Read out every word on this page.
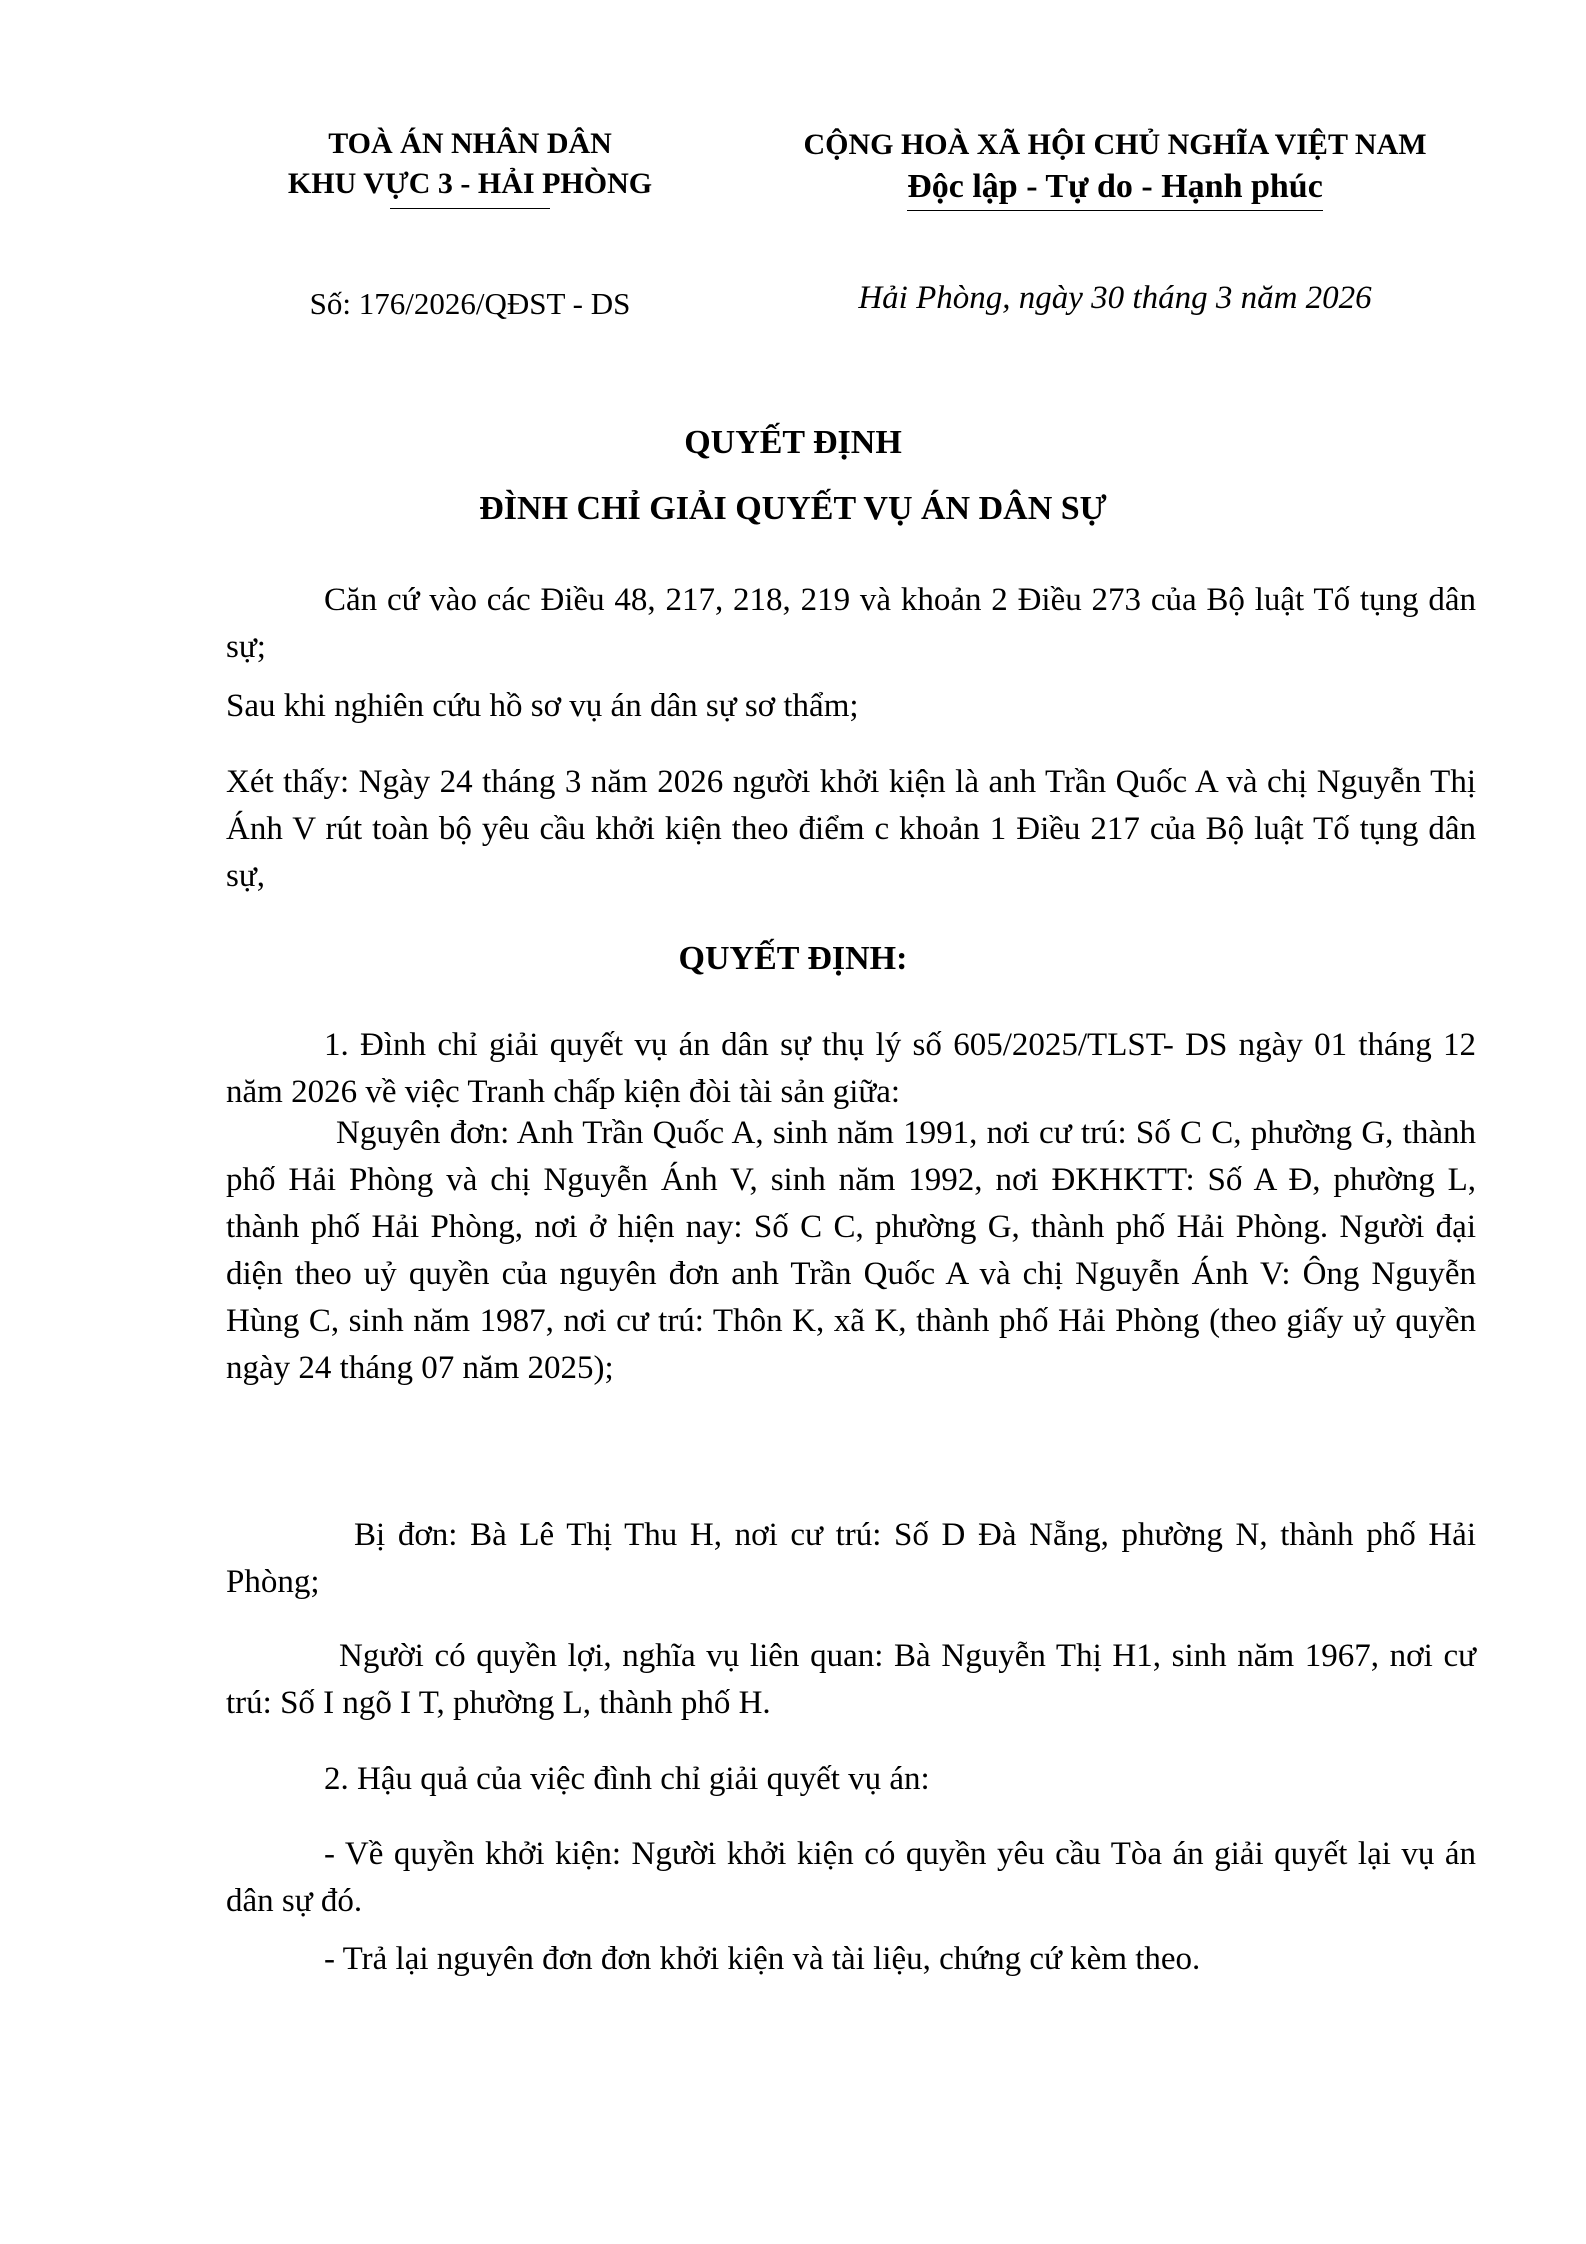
TOÀ ÁN NHÂN DÂN
KHU VỰC 3 - HẢI PHÒNG
CỘNG HOÀ XÃ HỘI CHỦ NGHĨA VIỆT NAM
Độc lập - Tự do - Hạnh phúc
Số: 176/2026/QĐST - DS	Hải Phòng, ngày 30 tháng 3 năm 2026
QUYẾT ĐỊNH
ĐÌNH CHỈ GIẢI QUYẾT VỤ ÁN DÂN SỰ
Căn cứ vào các Điều 48, 217, 218, 219 và khoản 2 Điều 273 của Bộ luật Tố tụng dân sự;
Sau khi nghiên cứu hồ sơ vụ án dân sự sơ thẩm;
Xét thấy: Ngày 24 tháng 3 năm 2026 người khởi kiện là anh Trần Quốc A và chị Nguyễn Thị Ánh V rút toàn bộ yêu cầu khởi kiện theo điểm c khoản 1 Điều 217 của Bộ luật Tố tụng dân sự,
QUYẾT ĐỊNH:
1. Đình chỉ giải quyết vụ án dân sự thụ lý số 605/2025/TLST- DS ngày 01 tháng 12 năm 2026 về việc Tranh chấp kiện đòi tài sản giữa:
Nguyên đơn: Anh Trần Quốc A, sinh năm 1991, nơi cư trú: Số C C, phường G, thành phố Hải Phòng và chị Nguyễn Ánh V, sinh năm 1992, nơi ĐKHKTT: Số A Đ, phường L, thành phố Hải Phòng, nơi ở hiện nay: Số C C, phường G, thành phố Hải Phòng. Người đại diện theo uỷ quyền của nguyên đơn anh Trần Quốc A và chị Nguyễn Ánh V: Ông Nguyễn Hùng C, sinh năm 1987, nơi cư trú: Thôn K, xã K, thành phố Hải Phòng (theo giấy uỷ quyền ngày 24 tháng 07 năm 2025);
Bị đơn: Bà Lê Thị Thu H, nơi cư trú: Số D Đà Nẵng, phường N, thành phố Hải Phòng;
Người có quyền lợi, nghĩa vụ liên quan: Bà Nguyễn Thị H1, sinh năm 1967, nơi cư trú: Số I ngõ I T, phường L, thành phố H.
2. Hậu quả của việc đình chỉ giải quyết vụ án:
- Về quyền khởi kiện: Người khởi kiện có quyền yêu cầu Tòa án giải quyết lại vụ án dân sự đó.
- Trả lại nguyên đơn đơn khởi kiện và tài liệu, chứng cứ kèm theo.
